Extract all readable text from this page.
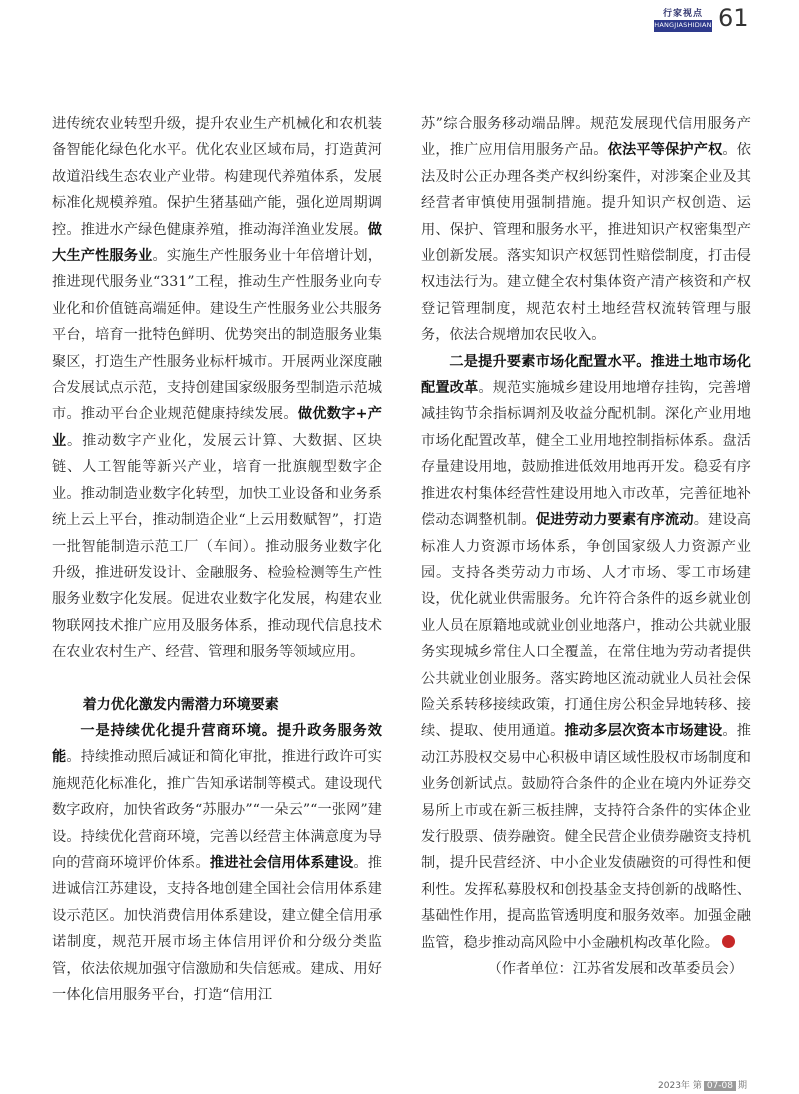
行家视点
HANGJIASHIDIAN 61

进传统农业转型升级，提升农业生产机械化和农机装备智能化绿色化水平。优化农业区域布局，打造黄河故道沿线生态农业产业带。构建现代养殖体系，发展标准化规模养殖。保护生猪基础产能，强化逆周期调控。推进水产绿色健康养殖，推动海洋渔业发展。做大生产性服务业。实施生产性服务业十年倍增计划，推进现代服务业“331”工程，推动生产性服务业向专业化和价值链高端延伸。建设生产性服务业公共服务平台，培育一批特色鲜明、优势突出的制造服务业集聚区，打造生产性服务业标杆城市。开展两业深度融合发展试点示范，支持创建国家级服务型制造示范城市。推动平台企业规范健康持续发展。做优数字+产业。推动数字产业化，发展云计算、大数据、区块链、人工智能等新兴产业，培育一批旗舰型数字企业。推动制造业数字化转型，加快工业设备和业务系统上云上平台，推动制造企业“上云用数赋智”，打造一批智能制造示范工厂（车间）。推动服务业数字化升级，推进研发设计、金融服务、检验检测等生产性服务业数字化发展。促进农业数字化发展，构建农业物联网技术推广应用及服务体系，推动现代信息技术在农业农村生产、经营、管理和服务等领域应用。

着力优化激发内需潜力环境要素

一是持续优化提升营商环境。提升政务服务效能。持续推动照后减证和简化审批，推进行政许可实施规范化标准化，推广告知承诺制等模式。建设现代数字政府，加快省政务“苏服办”“一朵云”“一张网”建设。持续优化营商环境，完善以经营主体满意度为导向的营商环境评价体系。推进社会信用体系建设。推进诚信江苏建设，支持各地创建全国社会信用体系建设示范区。加快消费信用体系建设，建立健全信用承诺制度，规范开展市场主体信用评价和分级分类监管，依法依规加强守信激励和失信惩戒。建成、用好一体化信用服务平台，打造“信用江

苏”综合服务移动端品牌。规范发展现代信用服务产业，推广应用信用服务产品。依法平等保护产权。依法及时公正办理各类产权纠纷案件，对涉案企业及其经营者审慎使用强制措施。提升知识产权创造、运用、保护、管理和服务水平，推进知识产权密集型产业创新发展。落实知识产权惩罚性赔偿制度，打击侵权违法行为。建立健全农村集体资产清产核资和产权登记管理制度，规范农村土地经营权流转管理与服务，依法合规增加农民收入。

二是提升要素市场化配置水平。推进土地市场化配置改革。规范实施城乡建设用地增存挂钩，完善增减挂钩节余指标调剂及收益分配机制。深化产业用地市场化配置改革，健全工业用地控制指标体系。盘活存量建设用地，鼓励推进低效用地再开发。稳妥有序推进农村集体经营性建设用地入市改革，完善征地补偿动态调整机制。促进劳动力要素有序流动。建设高标准人力资源市场体系，争创国家级人力资源产业园。支持各类劳动力市场、人才市场、零工市场建设，优化就业供需服务。允许符合条件的返乡就业创业人员在原籍地或就业创业地落户，推动公共就业服务实现城乡常住人口全覆盖，在常住地为劳动者提供公共就业创业服务。落实跨地区流动就业人员社会保险关系转移接续政策，打通住房公积金异地转移、接续、提取、使用通道。推动多层次资本市场建设。推动江苏股权交易中心积极申请区域性股权市场制度和业务创新试点。鼓励符合条件的企业在境内外证券交易所上市或在新三板挂牌，支持符合条件的实体企业发行股票、债券融资。健全民营企业债券融资支持机制，提升民营经济、中小企业发债融资的可得性和便利性。发挥私募股权和创投基金支持创新的战略性、基础性作用，提高监管透明度和服务效率。加强金融监管，稳步推动高风险中小金融机构改革化险。

（作者单位：江苏省发展和改革委员会）

2023年 第 07-08 期
